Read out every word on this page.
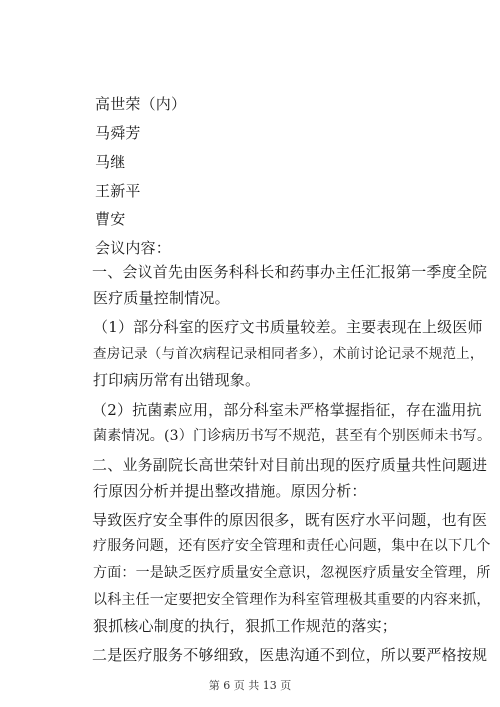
高世荣（内）
马舜芳
马继
王新平
曹安
会议内容：
一、会议首先由医务科科长和药事办主任汇报第一季度全院
医疗质量控制情况。
（1）部分科室的医疗文书质量较差。主要表现在上级医师
查房记录（与首次病程记录相同者多），术前讨论记录不规范上，
打印病历常有出错现象。
（2）抗菌素应用，部分科室未严格掌握指征，存在滥用抗
菌素情况。(3）门诊病历书写不规范，甚至有个别医师未书写。
二、业务副院长高世荣针对目前出现的医疗质量共性问题进
行原因分析并提出整改措施。原因分析：
导致医疗安全事件的原因很多，既有医疗水平问题，也有医
疗服务问题，还有医疗安全管理和责任心问题，集中在以下几个
方面：一是缺乏医疗质量安全意识，忽视医疗质量安全管理，所
以科主任一定要把安全管理作为科室管理极其重要的内容来抓，
狠抓核心制度的执行，狠抓工作规范的落实；
二是医疗服务不够细致，医患沟通不到位，所以要严格按规
第 6 页 共 13 页
